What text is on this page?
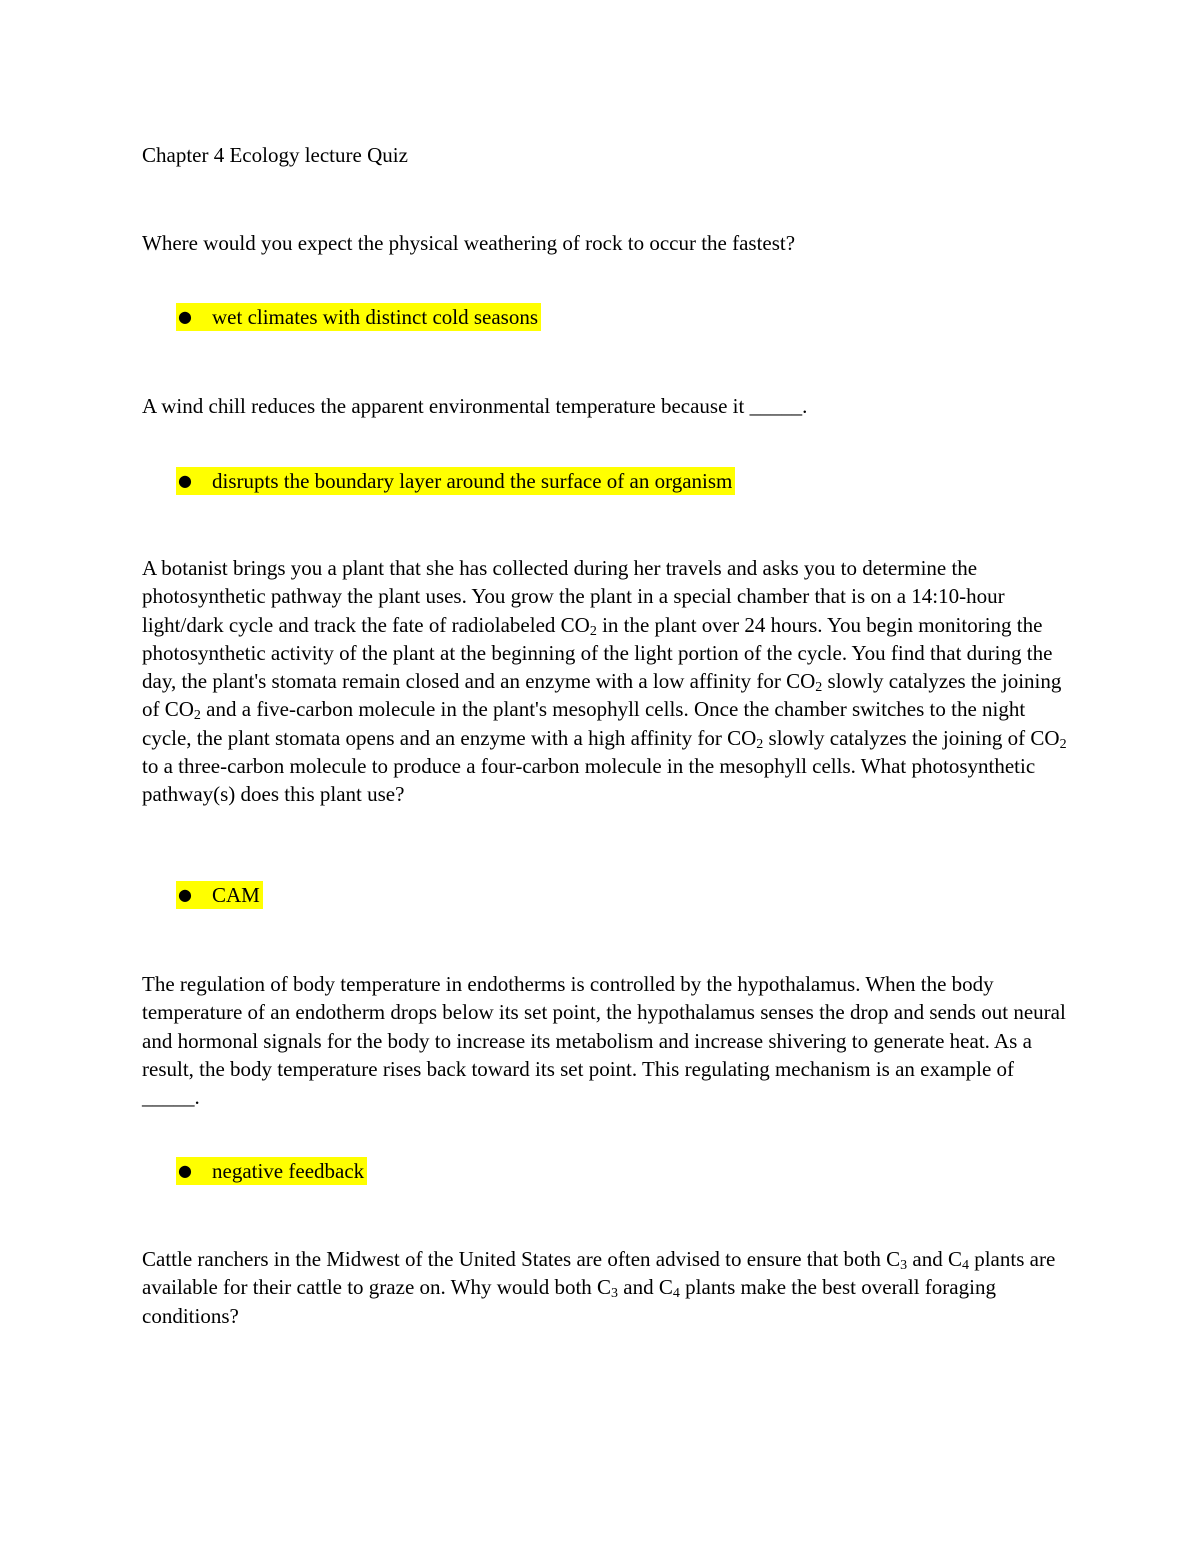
Chapter 4 Ecology lecture Quiz

Where would you expect the physical weathering of rock to occur the fastest?

● wet climates with distinct cold seasons

A wind chill reduces the apparent environmental temperature because it _____.

● disrupts the boundary layer around the surface of an organism

A botanist brings you a plant that she has collected during her travels and asks you to determine the photosynthetic pathway the plant uses. You grow the plant in a special chamber that is on a 14:10-hour light/dark cycle and track the fate of radiolabeled $CO_2$ in the plant over 24 hours. You begin monitoring the photosynthetic activity of the plant at the beginning of the light portion of the cycle. You find that during the day, the plant's stomata remain closed and an enzyme with a low affinity for $CO_2$ slowly catalyzes the joining of $CO_2$ and a five-carbon molecule in the plant's mesophyll cells. Once the chamber switches to the night cycle, the plant stomata opens and an enzyme with a high affinity for $CO_2$ slowly catalyzes the joining of $CO_2$ to a three-carbon molecule to produce a four-carbon molecule in the mesophyll cells. What photosynthetic pathway(s) does this plant use?

● CAM

The regulation of body temperature in endotherms is controlled by the hypothalamus. When the body temperature of an endotherm drops below its set point, the hypothalamus senses the drop and sends out neural and hormonal signals for the body to increase its metabolism and increase shivering to generate heat. As a result, the body temperature rises back toward its set point. This regulating mechanism is an example of _____.

● negative feedback

Cattle ranchers in the Midwest of the United States are often advised to ensure that both $C_3$ and $C_4$ plants are available for their cattle to graze on. Why would both $C_3$ and $C_4$ plants make the best overall foraging conditions?
